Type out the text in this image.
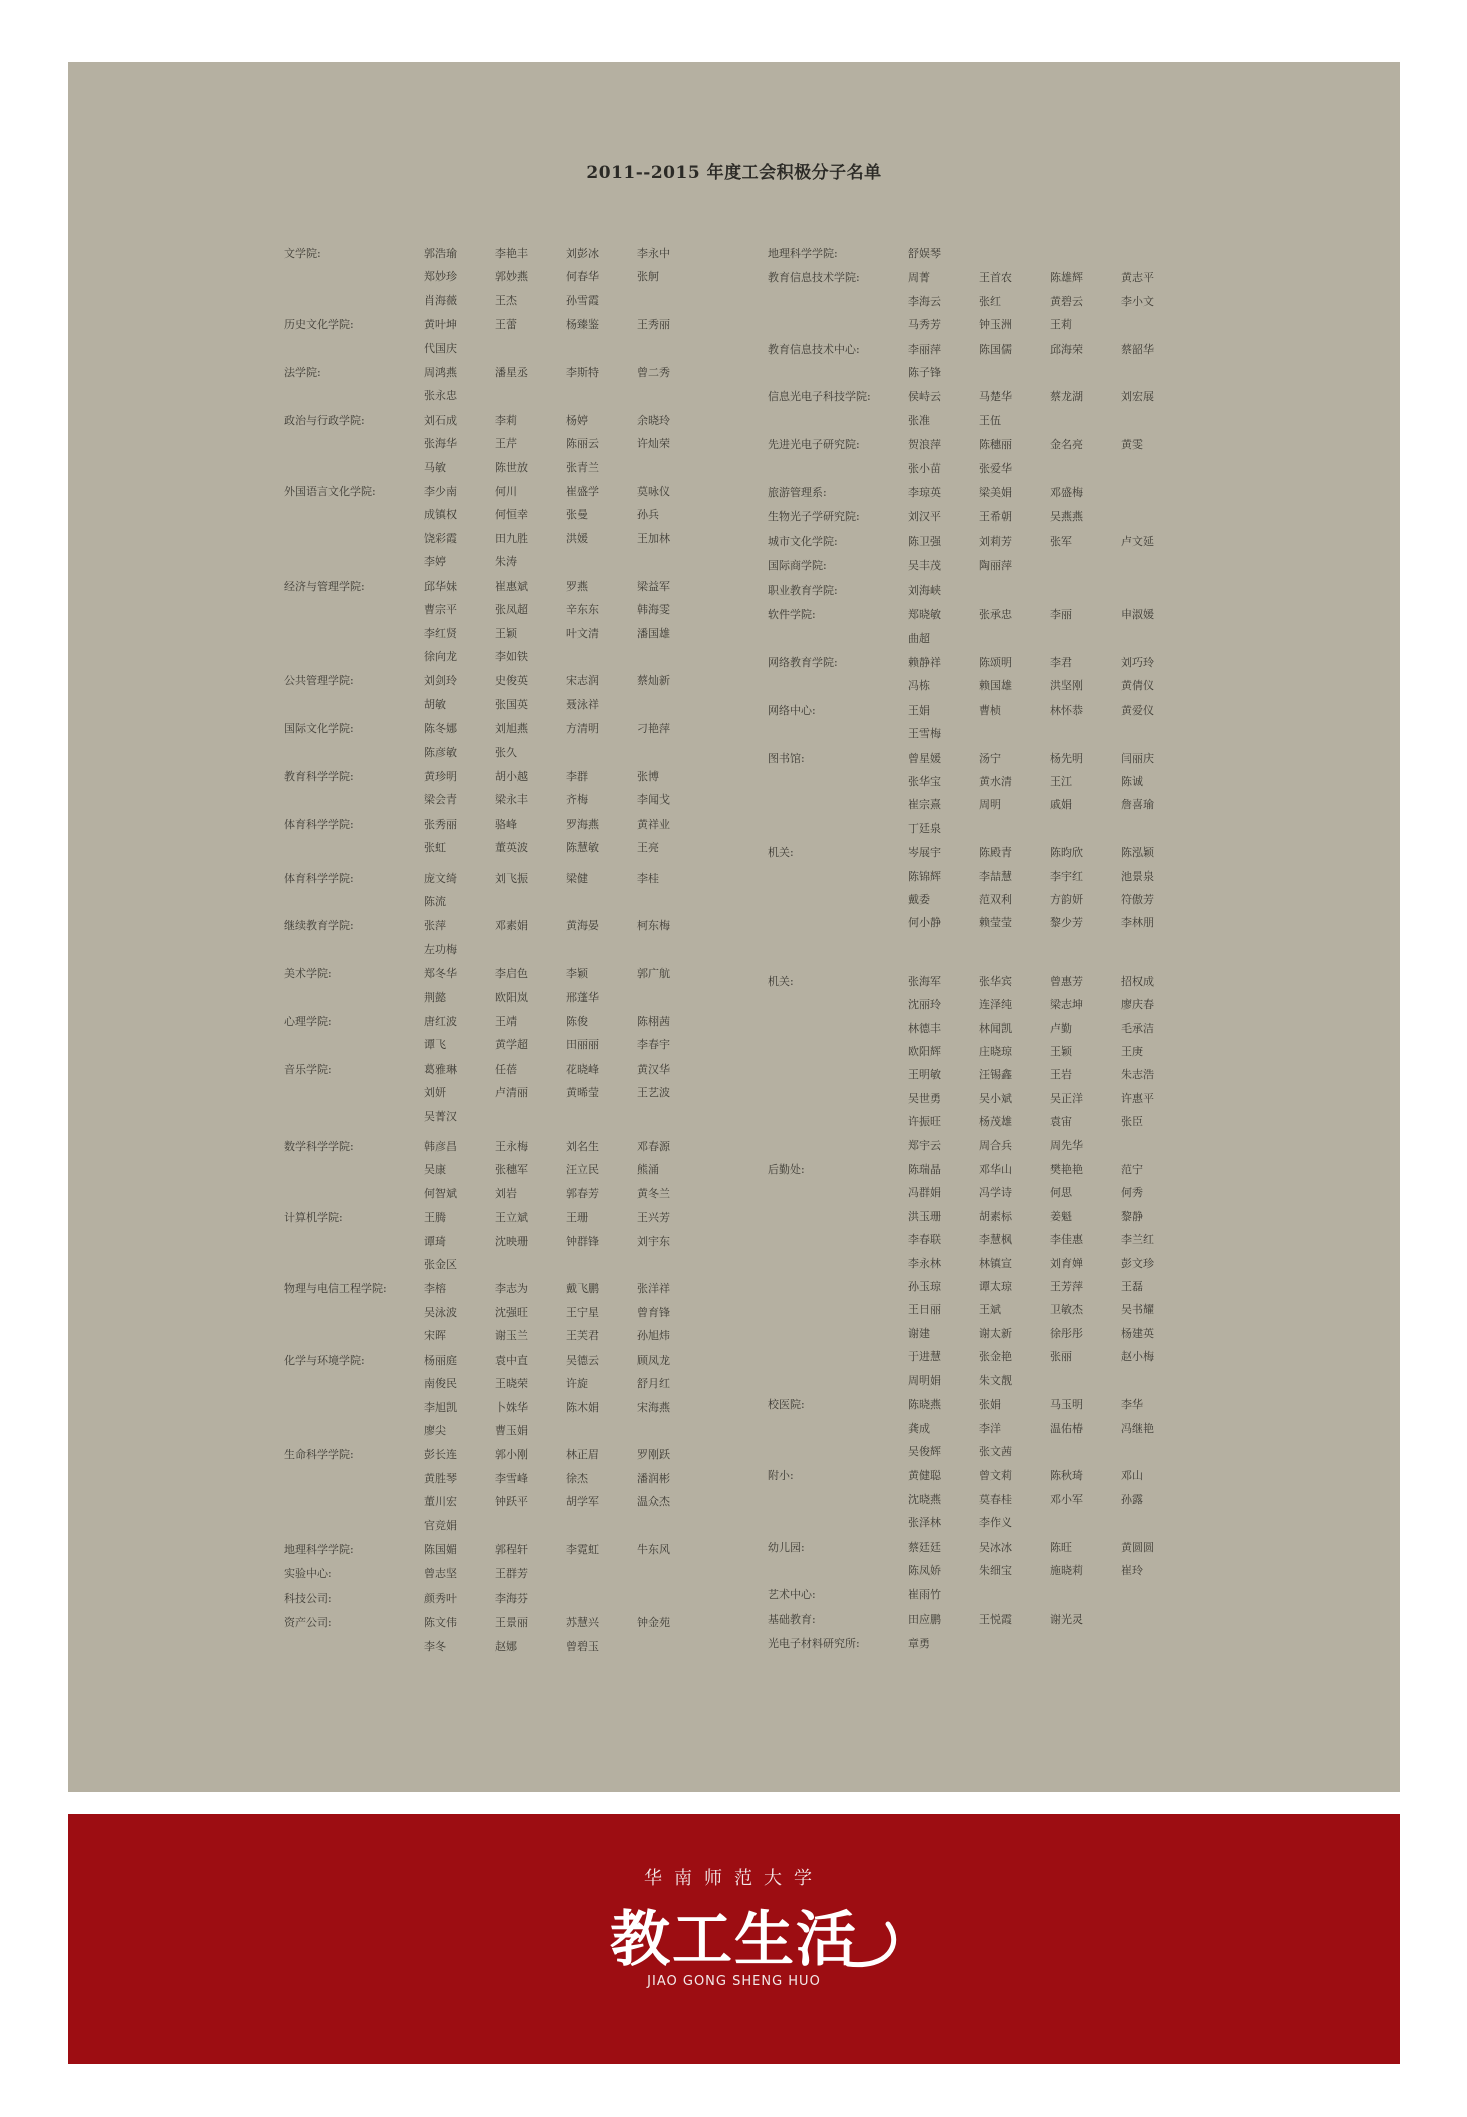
2011--2015 年度工会积极分子名单
文学院:	郭浩瑜	李艳丰	刘彭冰	李永中
郑妙珍	郭妙燕	何春华	张舸
肖海薇	王杰	孙雪霞
历史文化学院:	黄叶坤	王蕾	杨臻鉴	王秀丽
代国庆
法学院:	周鸿燕	潘星丞	李斯特	曾二秀
张永忠
政治与行政学院:	刘石成	李莉	杨婷	余晓玲
张海华	王芹	陈丽云	许灿荣
马敏	陈世放	张青兰
外国语言文化学院:	李少南	何川	崔盛学	莫咏仪
成镇权	何恒幸	张曼	孙兵
饶彩霞	田九胜	洪媛	王加林
李婷	朱涛
经济与管理学院:	邱华妹	崔惠斌	罗燕	梁益军
曹宗平	张凤超	辛东东	韩海雯
李红贤	王颖	叶文清	潘国雄
徐向龙	李如铁
公共管理学院:	刘剑玲	史俊英	宋志润	蔡灿新
胡敏	张国英	聂泳祥
国际文化学院:	陈冬娜	刘旭燕	方清明	刁艳萍
陈彦敏	张久
教育科学学院:	黄珍明	胡小越	李群	张博
梁会青	梁永丰	齐梅	李闻戈
体育科学学院:	张秀丽	骆峰	罗海燕	黄祥业
张虹	董英波	陈慧敏	王亮
体育科学学院:	庞文绮	刘飞振	梁健	李桂
陈流
继续教育学院:	张萍	邓素娟	黄海晏	柯东梅
左功梅
美术学院:	郑冬华	李启色	李颖	郭广航
荆懿	欧阳岚	邢蓬华
心理学院:	唐红波	王靖	陈俊	陈栩茜
谭飞	黄学超	田丽丽	李春宇
音乐学院:	葛雅琳	任蓓	花晓峰	黄汉华
刘妍	卢清丽	黄晞莹	王艺波
吴菁汉
数学科学学院:	韩彦昌	王永梅	刘名生	邓春源
吴康	张穗军	汪立民	熊涌
何智斌	刘岩	郭春芳	黄冬兰
计算机学院:	王腾	王立斌	王珊	王兴芳
谭琦	沈映珊	钟群锋	刘宇东
张金区
物理与电信工程学院:	李榕	李志为	戴飞鹏	张洋祥
吴泳波	沈强旺	王宁星	曾育锋
宋晖	谢玉兰	王芙君	孙旭炜
化学与环境学院:	杨丽庭	袁中直	吴德云	顾凤龙
南俊民	王晓荣	许旋	舒月红
李旭凯	卜姝华	陈木娟	宋海燕
廖尖	曹玉娟
生命科学学院:	彭长连	郭小刚	林正眉	罗刚跃
黄胜琴	李雪峰	徐杰	潘润彬
董川宏	钟跃平	胡学军	温众杰
官竞娟
地理科学学院:	陈国媚	郭程轩	李霓虹	牛东风
实验中心:	曾志坚	王群芳
科技公司:	颜秀叶	李海芬
资产公司:	陈文伟	王景丽	苏慧兴	钟金苑
李冬	赵娜	曾碧玉
地理科学学院:	舒娱琴
教育信息技术学院:	周菁	王首农	陈雄辉	黄志平
李海云	张红	黄碧云	李小文
马秀芳	钟玉洲	王莉
教育信息技术中心:	李丽萍	陈国儒	邱海荣	蔡韶华
陈子锋
信息光电子科技学院:	侯峙云	马楚华	蔡龙湖	刘宏展
张准	王伍
先进光电子研究院:	贺浪萍	陈穗丽	金名亮	黄雯
张小苗	张爱华
旅游管理系:	李琼英	梁美娟	邓盛梅
生物光子学研究院:	刘汉平	王希朝	吴燕燕
城市文化学院:	陈卫强	刘莉芳	张军	卢文延
国际商学院:	吴丰茂	陶丽萍
职业教育学院:	刘海峡
软件学院:	郑晓敏	张承忠	李丽	申淑媛
曲超
网络教育学院:	赖静祥	陈颂明	李君	刘巧玲
冯栋	赖国雄	洪坚刚	黄倩仪
网络中心:	王娟	曹桢	林怀恭	黄爱仪
王雪梅
图书馆:	曾星媛	汤宁	杨先明	闫丽庆
张华宝	黄水清	王江	陈诚
崔宗熹	周明	戚娟	詹喜瑜
丁廷泉
机关:	岑展宇	陈殿青	陈昀欣	陈泓颖
陈锦辉	李喆慧	李宇红	池景泉
戴委	范双利	方韵妍	符傲芳
何小静	赖莹莹	黎少芳	李林朋
机关:	张海军	张华宾	曾惠芳	招权成
沈丽玲	连泽纯	梁志坤	廖庆春
林德丰	林闻凯	卢勤	毛承洁
欧阳辉	庄晓琼	王颖	王庚
王明敏	汪锡鑫	王岩	朱志浩
吴世勇	吴小斌	吴正洋	许惠平
许振旺	杨茂雄	袁宙	张臣
郑宇云	周合兵	周先华
后勤处:	陈瑞晶	邓华山	樊艳艳	范宁
冯群娟	冯学诗	何思	何秀
洪玉珊	胡素标	姜魁	黎静
李春联	李慧枫	李佳惠	李兰红
李永林	林镇宣	刘育婵	彭文珍
孙玉琼	谭太琼	王芳萍	王磊
王日丽	王斌	卫敏杰	吴书耀
谢建	谢太新	徐彤彤	杨建英
于进慧	张金艳	张丽	赵小梅
周明娟	朱文靓
校医院:	陈晓燕	张娟	马玉明	李华
龚成	李洋	温佑椿	冯继艳
吴俊辉	张文茜
附小:	黄健聪	曾文莉	陈秋琦	邓山
沈晓燕	莫春桂	邓小军	孙露
张泽林	李作义
幼儿园:	蔡廷廷	吴冰冰	陈旺	黄圆圆
陈凤娇	朱细宝	施晓莉	崔玲
艺术中心:	崔雨竹
基础教育:	田应鹏	王悦霞	谢光灵
光电子材料研究所:	章勇
华南师范大学
教工生活
JIAO GONG SHENG HUO
